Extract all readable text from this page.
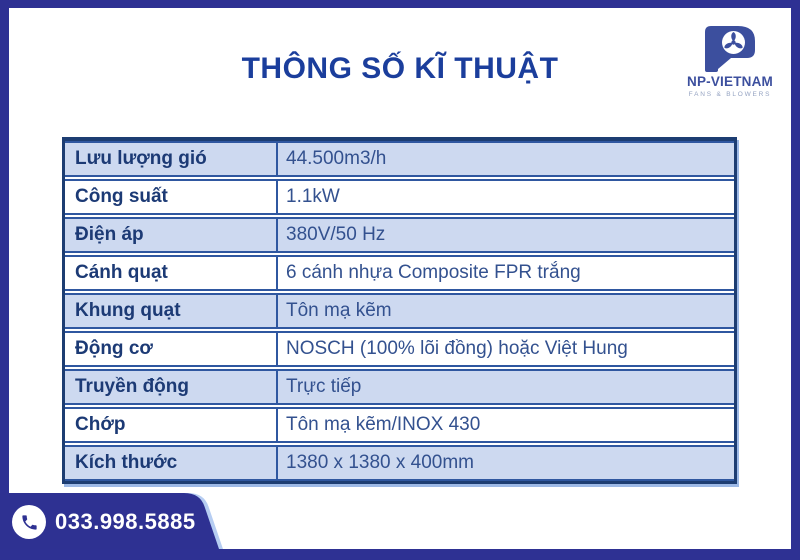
THÔNG SỐ KĨ THUẬT	NP-VIETNAM
FANS & BLOWERS
Lưu lượng gió	44.500m3/h
Công suất	1.1kW
Điện áp	380V/50 Hz
Cánh quạt	6 cánh nhựa Composite FPR trắng
Khung quạt	Tôn mạ kẽm
Động cơ	NOSCH (100% lõi đồng) hoặc Việt Hung
Truyền động	Trực tiếp
Chớp	Tôn mạ kẽm/INOX 430
Kích thước	1380 x 1380 x 400mm
033.998.5885
